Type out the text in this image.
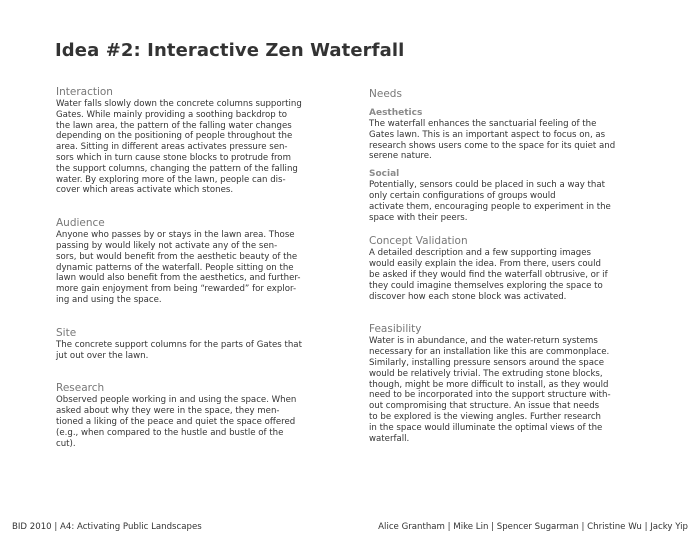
Idea #2: Interactive Zen Waterfall

Interaction

Water falls slowly down the concrete columns supporting
Gates. While mainly providing a soothing backdrop to
the lawn area, the pattern of the falling water changes
depending on the positioning of people throughout the
area. Sitting in different areas activates pressure sen-
sors which in turn cause stone blocks to protrude from
the support columns, changing the pattern of the falling
water. By exploring more of the lawn, people can dis-
cover which areas activate which stones.

Audience

Anyone who passes by or stays in the lawn area. Those
passing by would likely not activate any of the sen-
sors, but would benefit from the aesthetic beauty of the
dynamic patterns of the waterfall. People sitting on the
lawn would also benefit from the aesthetics, and further-
more gain enjoyment from being “rewarded” for explor-
ing and using the space.

Site

The concrete support columns for the parts of Gates that
jut out over the lawn.

Research

Observed people working in and using the space. When
asked about why they were in the space, they men-
tioned a liking of the peace and quiet the space offered
(e.g., when compared to the hustle and bustle of the
cut).

Needs

Aesthetics

The waterfall enhances the sanctuarial feeling of the
Gates lawn. This is an important aspect to focus on, as
research shows users come to the space for its quiet and
serene nature.

Social

Potentially, sensors could be placed in such a way that
only certain configurations of groups would
activate them, encouraging people to experiment in the
space with their peers.

Concept Validation

A detailed description and a few supporting images
would easily explain the idea. From there, users could
be asked if they would find the waterfall obtrusive, or if
they could imagine themselves exploring the space to
discover how each stone block was activated.

Feasibility

Water is in abundance, and the water-return systems
necessary for an installation like this are commonplace.
Similarly, installing pressure sensors around the space
would be relatively trivial. The extruding stone blocks,
though, might be more difficult to install, as they would
need to be incorporated into the support structure with-
out compromising that structure. An issue that needs
to be explored is the viewing angles. Further research
in the space would illuminate the optimal views of the
waterfall.

BID 2010 | A4: Activating Public Landscapes	Alice Grantham | Mike Lin | Spencer Sugarman | Christine Wu | Jacky Yip
